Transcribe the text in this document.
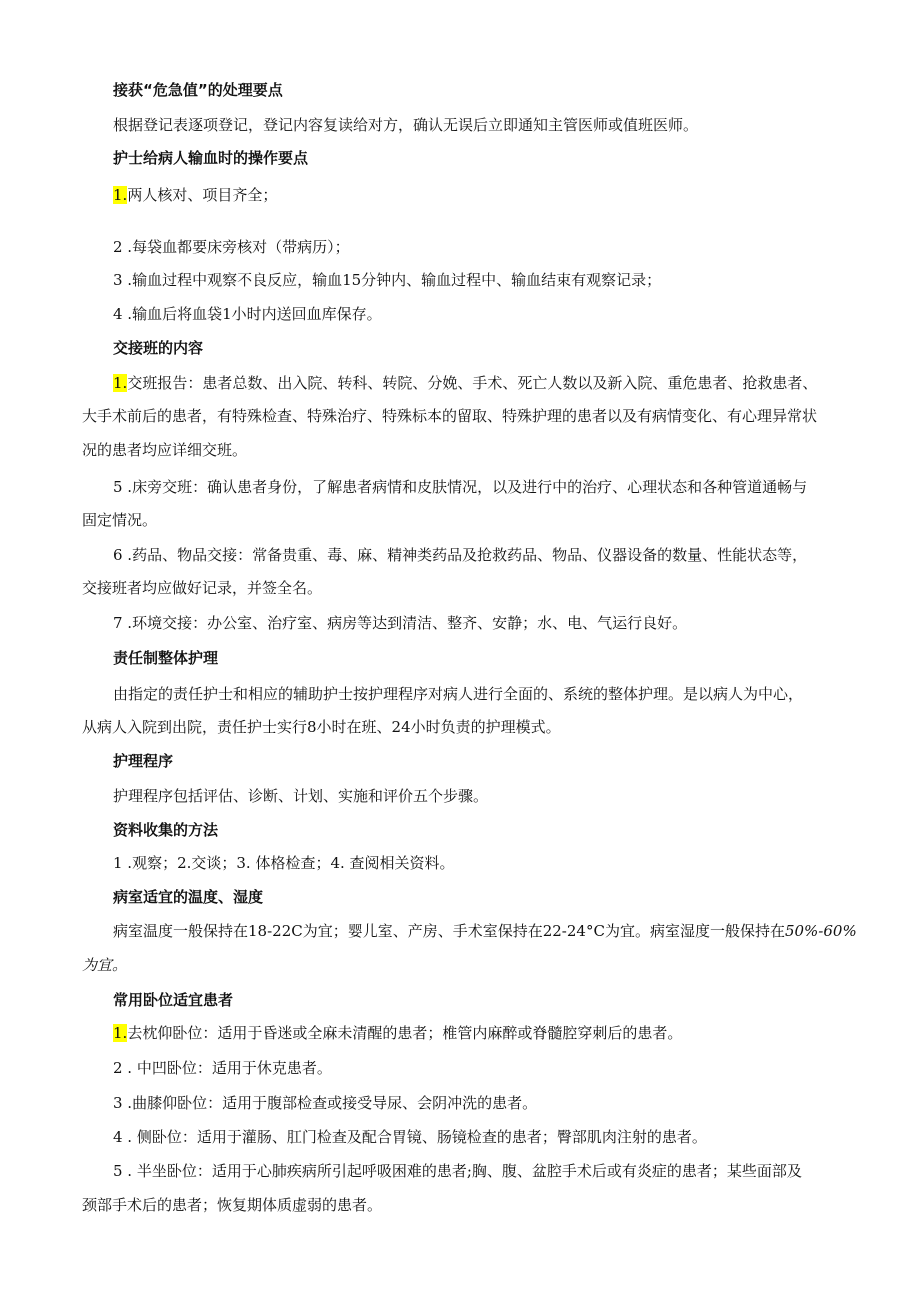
接获“危急值”的处理要点
根据登记表逐项登记，登记内容复读给对方，确认无误后立即通知主管医师或值班医师。
护士给病人输血时的操作要点
1.两人核对、项目齐全；
2 .每袋血都要床旁核对（带病历）；
3 .输血过程中观察不良反应，输血15分钟内、输血过程中、输血结束有观察记录；
4 .输血后将血袋1小时内送回血库保存。
交接班的内容
1.交班报告：患者总数、出入院、转科、转院、分娩、手术、死亡人数以及新入院、重危患者、抢救患者、
大手术前后的患者，有特殊检查、特殊治疗、特殊标本的留取、特殊护理的患者以及有病情变化、有心理异常状
况的患者均应详细交班。
5 .床旁交班：确认患者身份，了解患者病情和皮肤情况，以及进行中的治疗、心理状态和各种管道通畅与
固定情况。
6 .药品、物品交接：常备贵重、毒、麻、精神类药品及抢救药品、物品、仪器设备的数量、性能状态等，
交接班者均应做好记录，并签全名。
7 .环境交接：办公室、治疗室、病房等达到清洁、整齐、安静；水、电、气运行良好。
责任制整体护理
由指定的责任护士和相应的辅助护士按护理程序对病人进行全面的、系统的整体护理。是以病人为中心，
从病人入院到出院，责任护士实行8小时在班、24小时负责的护理模式。
护理程序
护理程序包括评估、诊断、计划、实施和评价五个步骤。
资料收集的方法
1 .观察；2.交谈；3. 体格检查；4. 查阅相关资料。
病室适宜的温度、湿度
病室温度一般保持在18-22C为宜；婴儿室、产房、手术室保持在22-24°C为宜。病室湿度一般保持在50%-60%
为宜。
常用卧位适宜患者
1.去枕仰卧位：适用于昏迷或全麻未清醒的患者；椎管内麻醉或脊髓腔穿刺后的患者。
2 . 中凹卧位：适用于休克患者。
3 .曲膝仰卧位：适用于腹部检查或接受导尿、会阴冲洗的患者。
4 . 侧卧位：适用于灌肠、肛门检查及配合胃镜、肠镜检查的患者；臀部肌肉注射的患者。
5 . 半坐卧位：适用于心肺疾病所引起呼吸困难的患者;胸、腹、盆腔手术后或有炎症的患者；某些面部及
颈部手术后的患者；恢复期体质虚弱的患者。
